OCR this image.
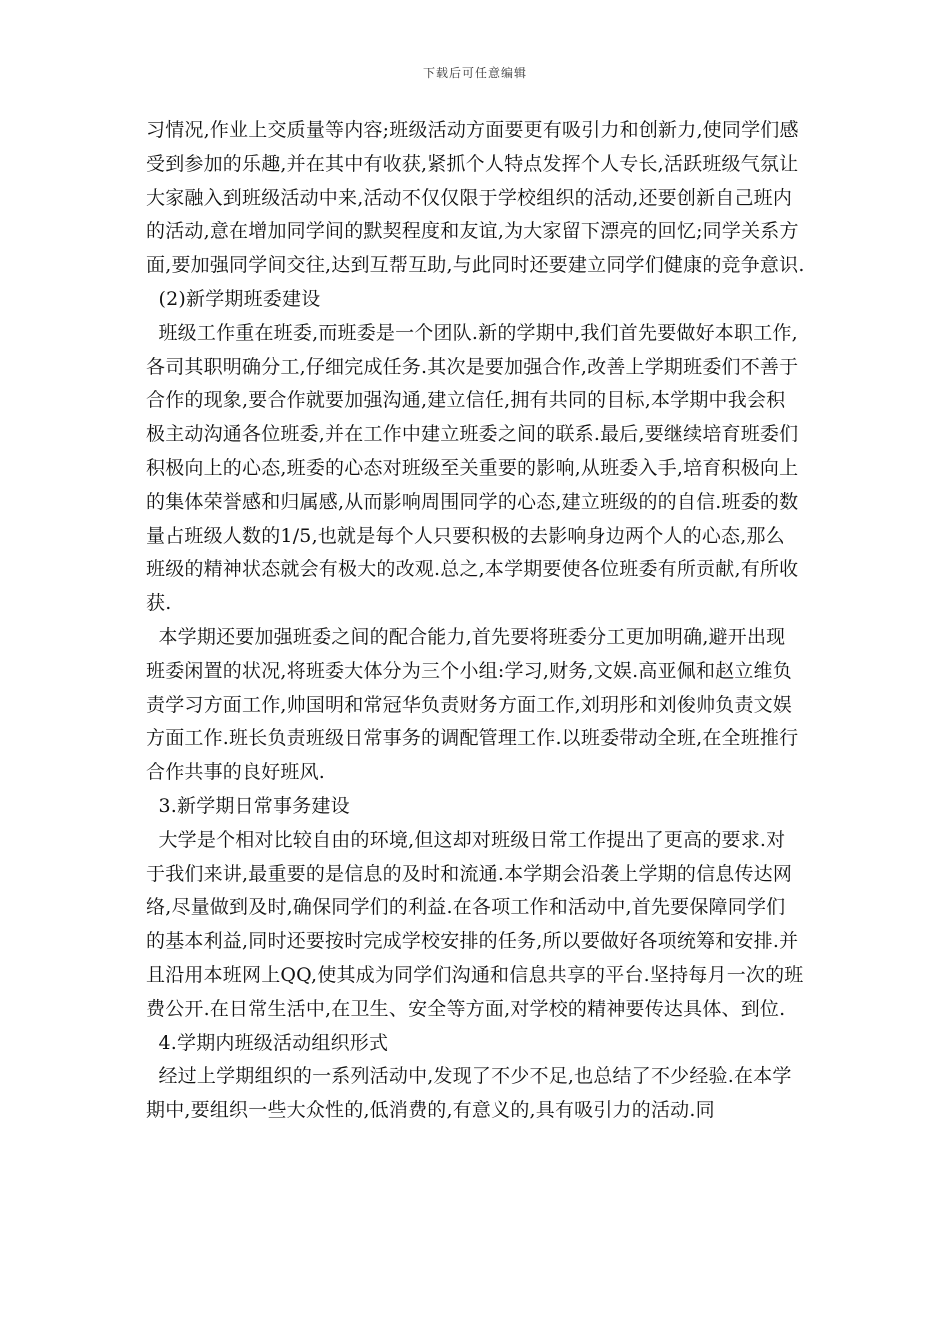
下载后可任意编辑
习情况,作业上交质量等内容;班级活动方面要更有吸引力和创新力,使同学们感
受到参加的乐趣,并在其中有收获,紧抓个人特点发挥个人专长,活跃班级气氛让
大家融入到班级活动中来,活动不仅仅限于学校组织的活动,还要创新自己班内
的活动,意在增加同学间的默契程度和友谊,为大家留下漂亮的回忆;同学关系方
面,要加强同学间交往,达到互帮互助,与此同时还要建立同学们健康的竞争意识.
(2)新学期班委建设
班级工作重在班委,而班委是一个团队.新的学期中,我们首先要做好本职工作,
各司其职明确分工,仔细完成任务.其次是要加强合作,改善上学期班委们不善于
合作的现象,要合作就要加强沟通,建立信任,拥有共同的目标,本学期中我会积
极主动沟通各位班委,并在工作中建立班委之间的联系.最后,要继续培育班委们
积极向上的心态,班委的心态对班级至关重要的影响,从班委入手,培育积极向上
的集体荣誉感和归属感,从而影响周围同学的心态,建立班级的的自信.班委的数
量占班级人数的1/5,也就是每个人只要积极的去影响身边两个人的心态,那么
班级的精神状态就会有极大的改观.总之,本学期要使各位班委有所贡献,有所收
获.
本学期还要加强班委之间的配合能力,首先要将班委分工更加明确,避开出现
班委闲置的状况,将班委大体分为三个小组:学习,财务,文娱.高亚佩和赵立维负
责学习方面工作,帅国明和常冠华负责财务方面工作,刘玥彤和刘俊帅负责文娱
方面工作.班长负责班级日常事务的调配管理工作.以班委带动全班,在全班推行
合作共事的良好班风.
3.新学期日常事务建设
大学是个相对比较自由的环境,但这却对班级日常工作提出了更高的要求.对
于我们来讲,最重要的是信息的及时和流通.本学期会沿袭上学期的信息传达网
络,尽量做到及时,确保同学们的利益.在各项工作和活动中,首先要保障同学们
的基本利益,同时还要按时完成学校安排的任务,所以要做好各项统筹和安排.并
且沿用本班网上QQ,使其成为同学们沟通和信息共享的平台.坚持每月一次的班
费公开.在日常生活中,在卫生、安全等方面,对学校的精神要传达具体、到位.
4.学期内班级活动组织形式
经过上学期组织的一系列活动中,发现了不少不足,也总结了不少经验.在本学
期中,要组织一些大众性的,低消费的,有意义的,具有吸引力的活动.同
